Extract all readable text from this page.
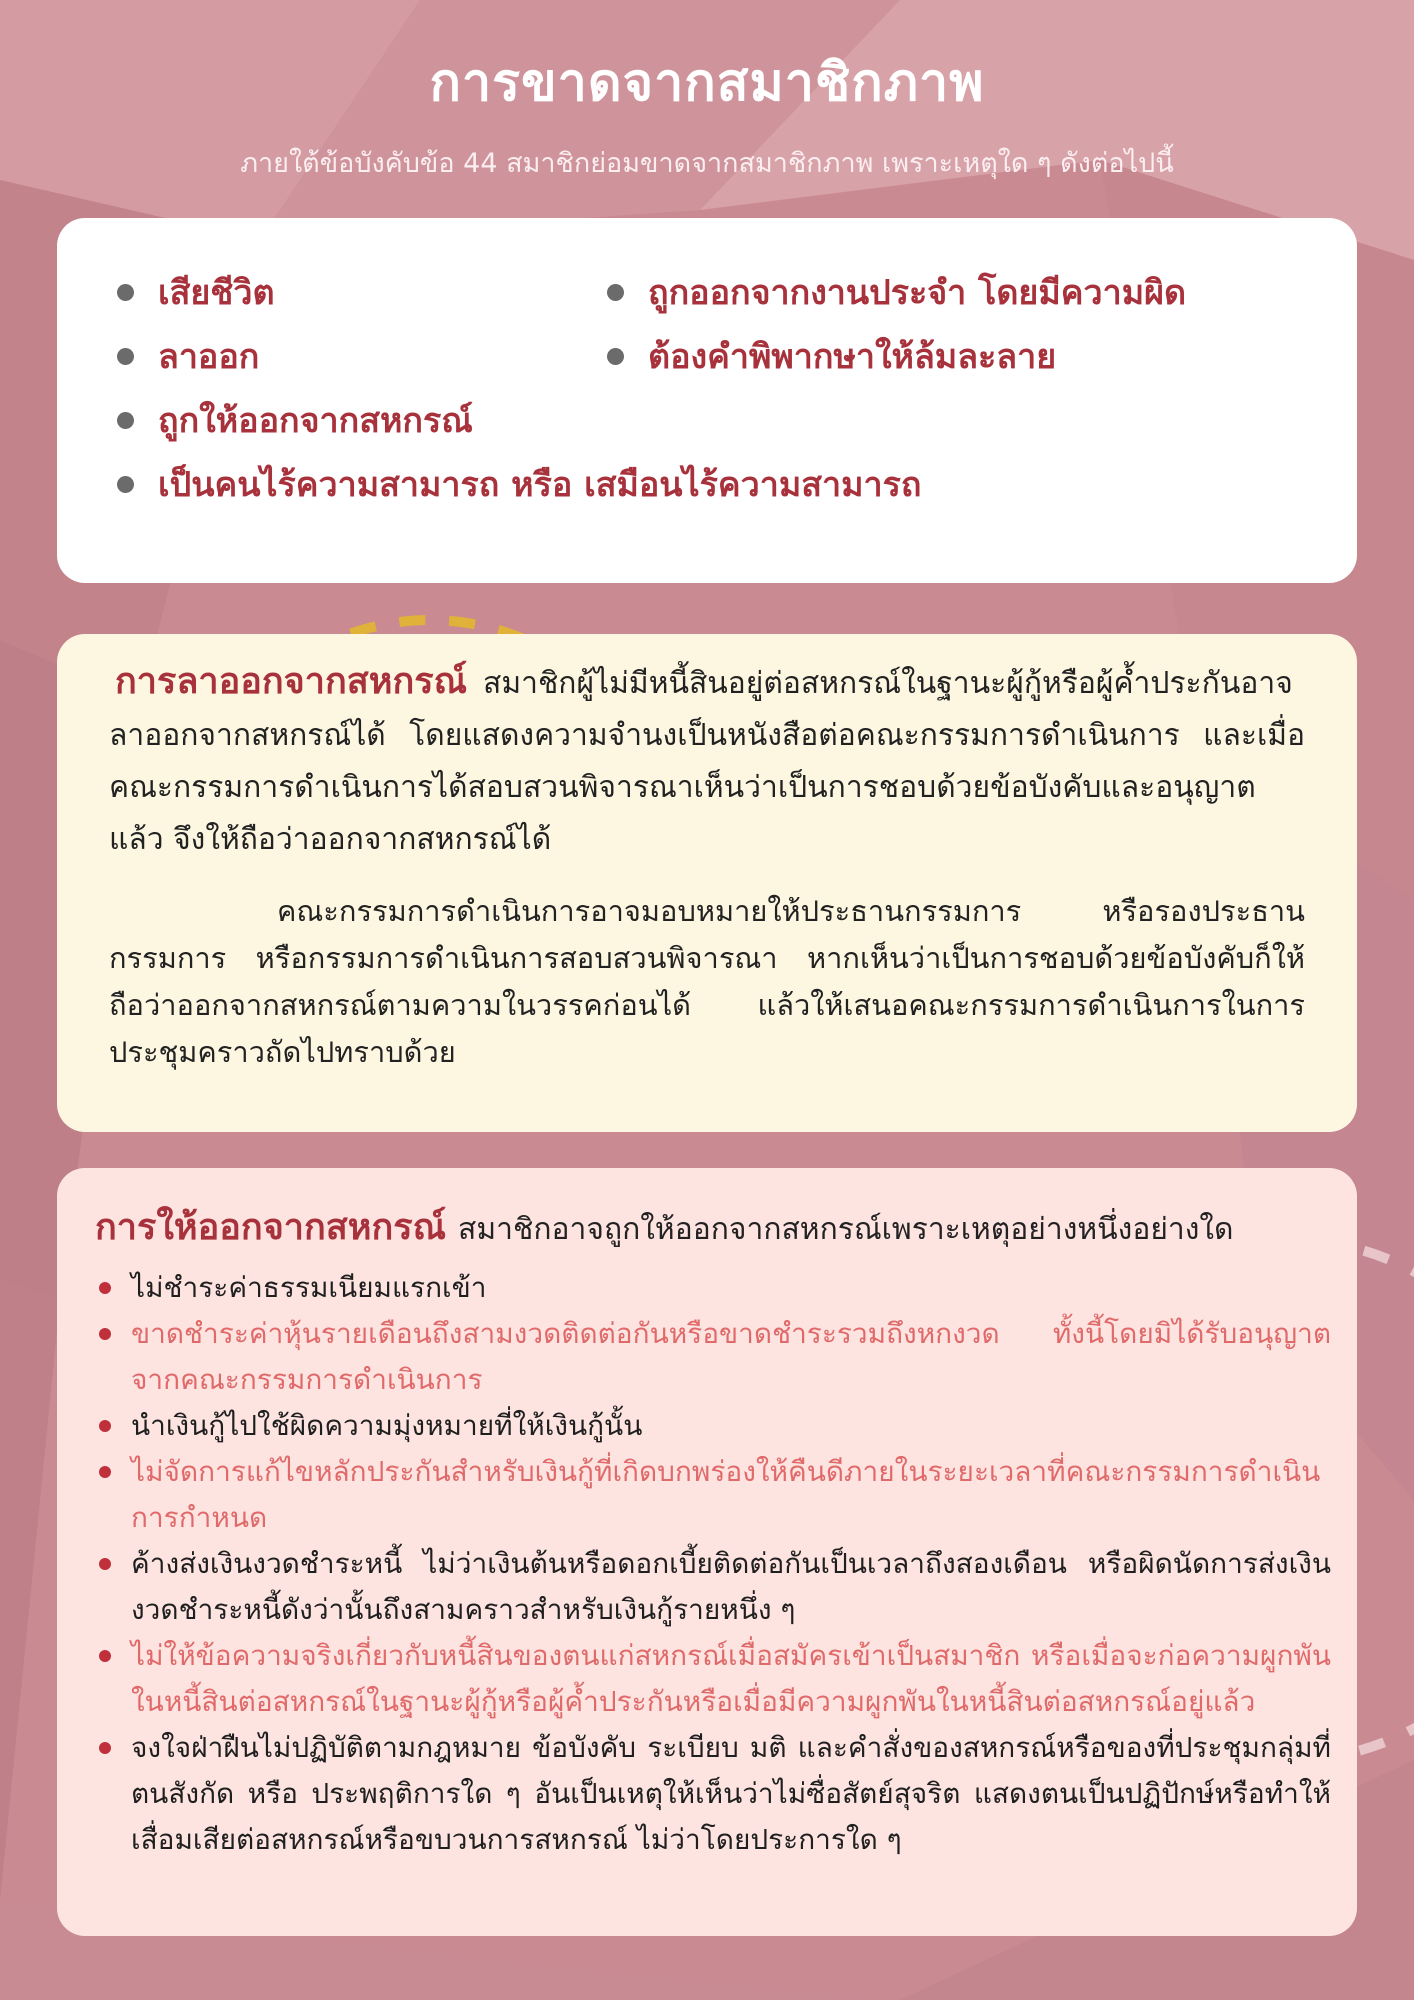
การขาดจากสมาชิกภาพ
ภายใต้ข้อบังคับข้อ 44 สมาชิกย่อมขาดจากสมาชิกภาพ เพราะเหตุใด ๆ ดังต่อไปนี้
เสียชีวิต	ถูกออกจากงานประจำ โดยมีความผิด
ลาออก	ต้องคำพิพากษาให้ล้มละลาย
ถูกให้ออกจากสหกรณ์
เป็นคนไร้ความสามารถ หรือ เสมือนไร้ความสามารถ
การลาออกจากสหกรณ์ สมาชิกผู้ไม่มีหนี้สินอยู่ต่อสหกรณ์ในฐานะผู้กู้หรือผู้ค้ำประกันอาจลาออกจากสหกรณ์ได้ โดยแสดงความจำนงเป็นหนังสือต่อคณะกรรมการดำเนินการ และเมื่อคณะกรรมการดำเนินการได้สอบสวนพิจารณาเห็นว่าเป็นการชอบด้วยข้อบังคับและอนุญาตแล้ว จึงให้ถือว่าออกจากสหกรณ์ได้
คณะกรรมการดำเนินการอาจมอบหมายให้ประธานกรรมการ หรือรองประธานกรรมการ หรือกรรมการดำเนินการสอบสวนพิจารณา หากเห็นว่าเป็นการชอบด้วยข้อบังคับก็ให้ถือว่าออกจากสหกรณ์ตามความในวรรคก่อนได้ แล้วให้เสนอคณะกรรมการดำเนินการในการประชุมคราวถัดไปทราบด้วย
การให้ออกจากสหกรณ์ สมาชิกอาจถูกให้ออกจากสหกรณ์เพราะเหตุอย่างหนึ่งอย่างใด
ไม่ชำระค่าธรรมเนียมแรกเข้า
ขาดชำระค่าหุ้นรายเดือนถึงสามงวดติดต่อกันหรือขาดชำระรวมถึงหกงวด ทั้งนี้โดยมิได้รับอนุญาตจากคณะกรรมการดำเนินการ
นำเงินกู้ไปใช้ผิดความมุ่งหมายที่ให้เงินกู้นั้น
ไม่จัดการแก้ไขหลักประกันสำหรับเงินกู้ที่เกิดบกพร่องให้คืนดีภายในระยะเวลาที่คณะกรรมการดำเนินการกำหนด
ค้างส่งเงินงวดชำระหนี้ ไม่ว่าเงินต้นหรือดอกเบี้ยติดต่อกันเป็นเวลาถึงสองเดือน หรือผิดนัดการส่งเงินงวดชำระหนี้ดังว่านั้นถึงสามคราวสำหรับเงินกู้รายหนึ่ง ๆ
ไม่ให้ข้อความจริงเกี่ยวกับหนี้สินของตนแก่สหกรณ์เมื่อสมัครเข้าเป็นสมาชิก หรือเมื่อจะก่อความผูกพันในหนี้สินต่อสหกรณ์ในฐานะผู้กู้หรือผู้ค้ำประกันหรือเมื่อมีความผูกพันในหนี้สินต่อสหกรณ์อยู่แล้ว
จงใจฝ่าฝืนไม่ปฏิบัติตามกฎหมาย ข้อบังคับ ระเบียบ มติ และคำสั่งของสหกรณ์หรือของที่ประชุมกลุ่มที่ตนสังกัด หรือ ประพฤติการใด ๆ อันเป็นเหตุให้เห็นว่าไม่ซื่อสัตย์สุจริต แสดงตนเป็นปฏิปักษ์หรือทำให้เสื่อมเสียต่อสหกรณ์หรือขบวนการสหกรณ์ ไม่ว่าโดยประการใด ๆ
